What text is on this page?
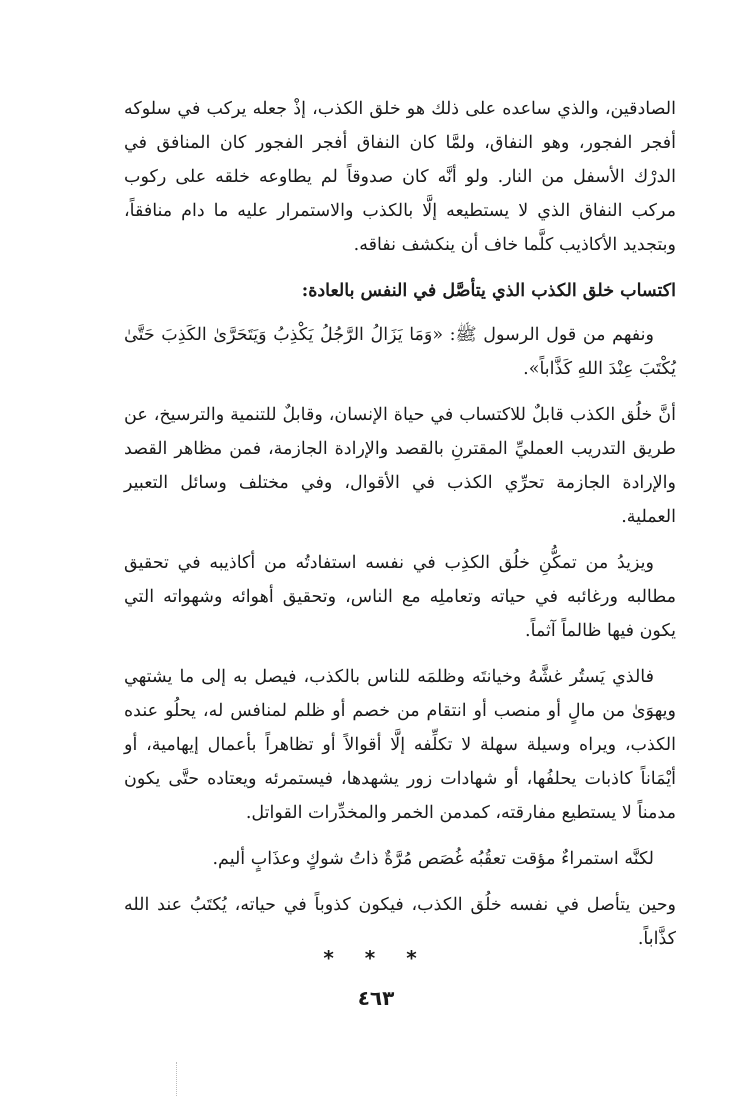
الصادقين، والذي ساعده على ذلك هو خلق الكذب، إذْ جعله يركب في سلوكه أفجر الفجور، وهو النفاق، ولمَّا كان النفاق أفجر الفجور كان المنافق في الدرْك الأسفل من النار. ولو أنَّه كان صدوقاً لم يطاوعه خلقه على ركوب مركب النفاق الذي لا يستطيعه إلَّا بالكذب والاستمرار عليه ما دام منافقاً، وبتجديد الأكاذيب كلَّما خاف أن ينكشف نفاقه.

اكتساب خلق الكذب الذي يتأصَّل في النفس بالعادة:

ونفهم من قول الرسول ﷺ: «وَمَا يَزَالُ الرَّجُلُ يَكْذِبُ وَيَتَحَرَّىٰ الكَذِبَ حَتَّىٰ يُكْتَبَ عِنْدَ اللهِ كَذَّاباً».

أنَّ خلُق الكذب قابلٌ للاكتساب في حياة الإنسان، وقابلٌ للتنمية والترسيخ، عن طريق التدريب العمليِّ المقترنِ بالقصد والإرادة الجازمة، فمن مظاهر القصد والإرادة الجازمة تحرِّي الكذب في الأقوال، وفي مختلف وسائل التعبير العملية.

ويزيدُ من تمكُّنِ خلُق الكذِب في نفسه استفادتُه من أكاذيبه في تحقيق مطالبه ورغائبه في حياته وتعاملِه مع الناس، وتحقيق أهوائه وشهواته التي يكون فيها ظالماً آثماً.

فالذي يَستُر غشَّهُ وخيانتَه وظلمَه للناس بالكذب، فيصل به إلى ما يشتهي ويهوَىٰ من مالٍ أو منصب أو انتقام من خصم أو ظلم لمنافس له، يحلُو عنده الكذب، ويراه وسيلة سهلة لا تكلِّفه إلَّا أقوالاً أو تظاهراً بأعمال إيهامية، أو أيْمَاناً كاذبات يحلفُها، أو شهادات زور يشهدها، فيستمرئه ويعتاده حتَّى يكون مدمناً لا يستطيع مفارقته، كمدمن الخمر والمخدِّرات القواتل.

لكنَّه استمراءٌ مؤقت تعقُبُه غُصَص مُرَّةٌ ذاتُ شوكٍ وعذَابٍ أليم.

وحين يتأصل في نفسه خلُق الكذب، فيكون كذوباً في حياته، يُكتَبُ عند الله كذَّاباً.

* * *
٤٦٣
